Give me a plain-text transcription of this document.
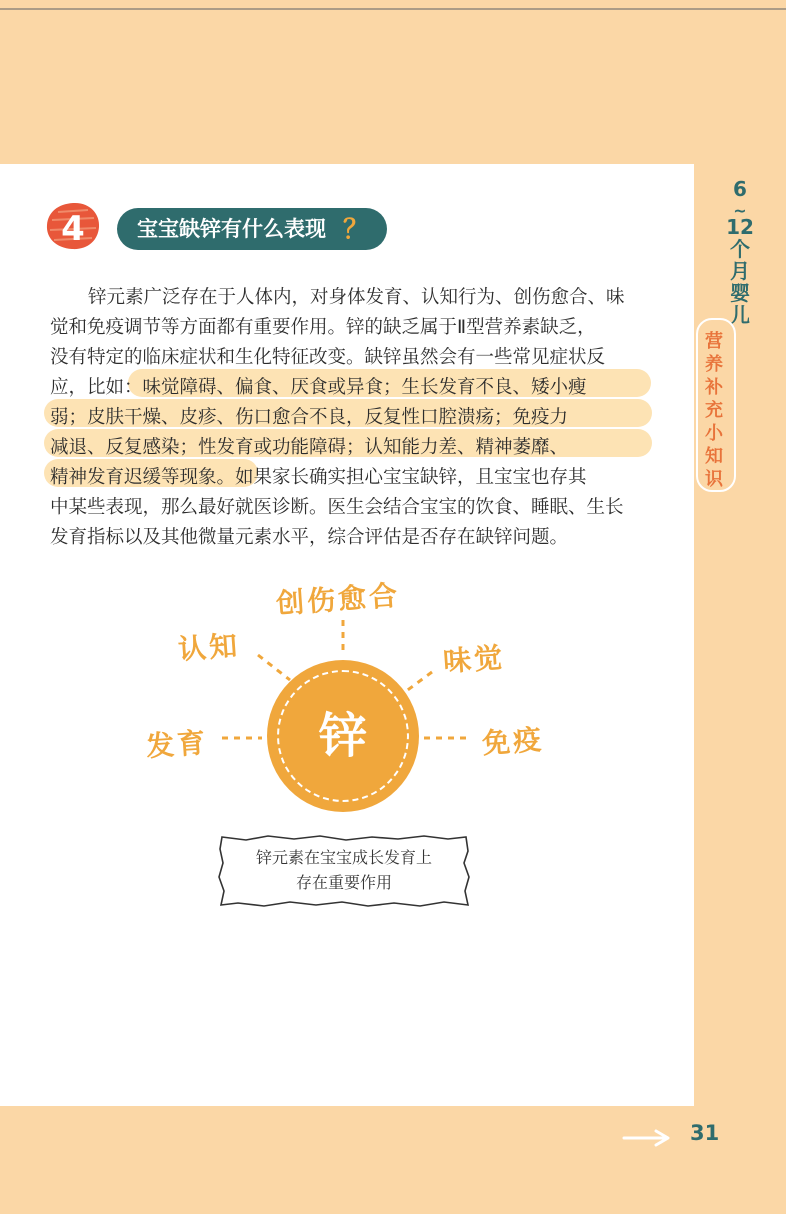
6
~
12
个
月
婴
儿
营
养
补
充
小
知
识
4	宝宝缺锌有什么表现 ？
锌元素广泛存在于人体内，对身体发育、认知行为、创伤愈合、味
觉和免疫调节等方面都有重要作用。锌的缺乏属于Ⅱ型营养素缺乏，
没有特定的临床症状和生化特征改变。缺锌虽然会有一些常见症状反
应，比如：味觉障碍、偏食、厌食或异食；生长发育不良、矮小瘦
弱；皮肤干燥、皮疹、伤口愈合不良，反复性口腔溃疡；免疫力
减退、反复感染；性发育或功能障碍；认知能力差、精神萎靡、
精神发育迟缓等现象。如果家长确实担心宝宝缺锌，且宝宝也存其
中某些表现，那么最好就医诊断。医生会结合宝宝的饮食、睡眠、生长
发育指标以及其他微量元素水平，综合评估是否存在缺锌问题。
创伤愈合
认知	味觉
发育	免疫
锌
锌元素在宝宝成长发育上
存在重要作用
31
